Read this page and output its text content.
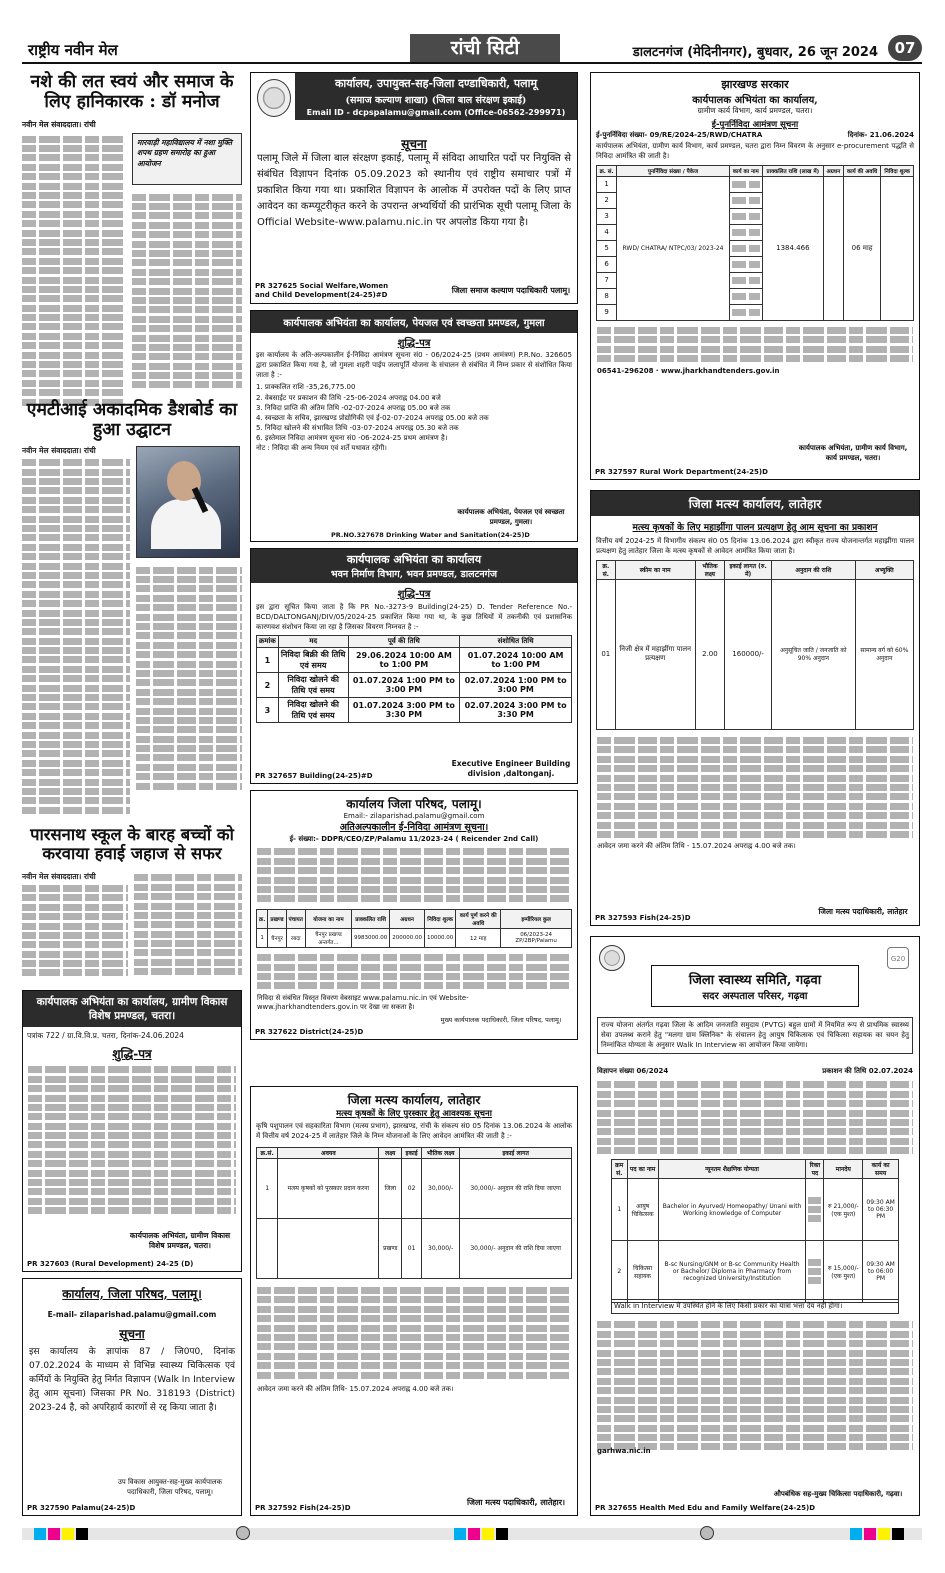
राष्ट्रीय नवीन मेल	रांची सिटी	डालटनगंज (मेदिनीनगर), बुधवार, 26 जून 2024	07
नशे की लत स्वयं और समाज के लिए हानिकारक : डॉ मनोज
नवीन मेल संवाददाता। रांची
मारवाड़ी महाविद्यालय में नशा मुक्ति शपथ ग्रहण समारोह का हुआ आयोजन
एमटीआई अकादमिक डैशबोर्ड का हुआ उद्घाटन
नवीन मेल संवाददाता। रांची
पारसनाथ स्कूल के बारह बच्चों को करवाया हवाई जहाज से सफर
नवीन मेल संवाददाता। रांची
कार्यपालक अभियंता का कार्यालय, ग्रामीण विकास विशेष प्रमण्डल, चतरा।
पत्रांक 722 / ग्रा.वि.वि.प्र. चतरा, दिनांक-24.06.2024
शुद्धि-पत्र
कार्यपालक अभियंता, ग्रामीण विकास विशेष प्रमण्डल, चतरा।
PR 327603 (Rural Development) 24-25 (D)
कार्यालय, जिला परिषद, पलामू।
E-mail- zilaparishad.palamu@gmail.com
सूचना
इस कार्यालय के ज्ञापांक 87 / जि0प0, दिनांक 07.02.2024 के माध्यम से विभिन्न स्वास्थ्य चिकित्सक एवं कर्मियों के नियुक्ति हेतु निर्गत विज्ञापन (Walk In Interview हेतु आम सूचना) जिसका PR No. 318193 (District) 2023-24 है, को अपरिहार्य कारणों से रद्द किया जाता है।
उप विकास आयुक्त-सह-मुख्य कार्यपालक पदाधिकारी, जिला परिषद, पलामू।
PR 327590 Palamu(24-25)D
कार्यालय, उपायुक्त-सह-जिला दण्डाधिकारी, पलामू
(समाज कल्याण शाखा) (जिला बाल संरक्षण इकाई)
Email ID - dcpspalamu@gmail.com (Office-06562-299971)
सूचना
पलामू जिले में जिला बाल संरक्षण इकाई, पलामू में संविदा आधारित पदों पर नियुक्ति से संबंधित विज्ञापन दिनांक 05.09.2023 को स्थानीय एवं राष्ट्रीय समाचार पत्रों में प्रकाशित किया गया था। प्रकाशित विज्ञापन के आलोक में उपरोक्त पदों के लिए प्राप्त आवेदन का कम्प्यूटरीकृत करने के उपरान्त अभ्यर्थियों की प्रारंभिक सूची पलामू जिला के Official Website-www.palamu.nic.in पर अपलोड किया गया है।
जिला समाज कल्याण पदाधिकारी पलामू।
PR 327625 Social Welfare,Women and Child Development(24-25)#D
कार्यपालक अभियंता का कार्यालय, पेयजल एवं स्वच्छता प्रमण्डल, गुमला
शुद्धि-पत्र
इस कार्यालय के अति-अल्पकालीन ई-निविदा आमंत्रण सूचना सं0 - 06/2024-25 (प्रथम आमंत्रण) P.R.No. 326605 द्वारा प्रकाशित किया गया है, जो गुमला शहरी पाईप जलापूर्ति योजना के संचालन से संबंधित में निम्न प्रकार से संशोधित किया जाता है :-
1. प्राक्कलित राशि -35,26,775.00
2. वेबसाईट पर प्रकाशन की तिथि -25-06-2024 अपराह्न 04.00 बजे
3. निविदा प्राप्ति की अंतिम तिथि -02-07-2024 अपराह्न 05.00 बजे तक
4. स्वच्छता के सचिव, झारखण्ड प्रोद्योगिकी एवं ई-02-07-2024 अपराह्न 05.00 बजे तक
5. निविदा खोलने की संभावित तिथि -03-07-2024 अपराह्न 05.30 बजे तक
6. इस्तेमाल निविदा आमंत्रण सूचना सं0 -06-2024-25 प्रथम आमंत्रण है।
नोट : निविदा की अन्य नियम एवं शर्तें यथावत रहेंगी।
कार्यपालक अभियंता, पेयजल एवं स्वच्छता प्रमण्डल, गुमला।
PR.NO.327678 Drinking Water and Sanitation(24-25)D
कार्यपालक अभियंता का कार्यालय
भवन निर्माण विभाग, भवन प्रमण्डल, डालटनगंज
शुद्धि-पत्र
इस द्वारा सूचित किया जाता है कि PR No.-3273-9 Building(24-25) D. Tender Reference No.- BCD/DALTONGANJ/DIV/05/2024-25 प्रकाशित किया गया था, के कुछ तिथियों में तकनीकी एवं प्रशासनिक कारणवश संशोधन किया जा रहा है जिसका विवरण निम्नवत है :-
क्रमांक	मद	पूर्व की तिथि	संशोधित तिथि
1	निविदा बिक्री की तिथि एवं समय	29.06.2024 10:00 AM to 1:00 PM	01.07.2024 10:00 AM to 1:00 PM
2	निविदा खोलने की तिथि एवं समय	01.07.2024 1:00 PM to 3:00 PM	02.07.2024 1:00 PM to 3:00 PM
3	निविदा खोलने की तिथि एवं समय	01.07.2024 3:00 PM to 3:30 PM	02.07.2024 3:00 PM to 3:30 PM
Executive Engineer Building division ,daltonganj.
PR 327657 Building(24-25)#D
कार्यालय जिला परिषद, पलामू।
Email:- zilaparishad.palamu@gmail.com
अतिअल्पकालीन ई-निविदा आमंत्रण सूचना।
ई- संख्या:- DDPR/CEO/ZP/Palamu 11/2023-24 ( Reicender 2nd Call)
क्र.	प्रखण्ड	पंचायत	योजना का नाम	प्राक्कलित राशि	अग्रधन	निविदा शुल्क	कार्य पूर्ण करने की अवधि	इम्पीरियल कुल
1	चैनपुर	रबदा	चैनपुर प्रखण्ड अन्तर्गत...	9983000.00	200000.00	10000.00	12 माह	06/2023-24 ZP/2BP/Palamu
निविदा से संबंधित विस्तृत विवरण वेबसाइट www.palamu.nic.in एवं Website- www.jharkhandtenders.gov.in पर देखा जा सकता है।
मुख्य कार्यपालक पदाधिकारी, जिला परिषद, पलामू।
PR 327622 District(24-25)D
जिला मत्स्य कार्यालय, लातेहार
मत्स्य कृषकों के लिए पुरस्कार हेतु आवश्यक सूचना
कृषि पशुपालन एवं सहकारिता विभाग (मत्स्य प्रभाग), झारखण्ड, रांची के संकल्प सं0 05 दिनांक 13.06.2024 के आलोक में वित्तीय वर्ष 2024-25 में लातेहार जिले के निम्न योजनाओं के लिए आवेदन आमंत्रित की जाती है :-
क्र.सं.	अवयव	लक्ष्य	इकाई	भौतिक लक्ष्य	इकाई लागत
1	मत्स्य कृषकों को पुरस्कार प्रदान करना	जिला	02	30,000/-	30,000/- अनुदान की राशि दिया जाएगा
		प्रखण्ड	01	30,000/-	30,000/- अनुदान की राशि दिया जाएगा
आवेदन जमा करने की अंतिम तिथि- 15.07.2024 अपराह्न 4.00 बजे तक।
जिला मत्स्य पदाधिकारी, लातेहार।
PR 327592 Fish(24-25)D
झारखण्ड सरकार
कार्यपालक अभियंता का कार्यालय,
ग्रामीण कार्य विभाग, कार्य प्रमण्डल, चतरा।
ई-पुनर्निविदा आमंत्रण सूचना
ई-पुनर्निविदा संख्या- 09/RE/2024-25/RWD/CHATRA	दिनांक- 21.06.2024
कार्यपालक अभियंता, ग्रामीण कार्य विभाग, कार्य प्रमण्डल, चतरा द्वारा निम्न विवरण के अनुसार e-procurement पद्धति से निविदा आमंत्रित की जाती है।
क्र. सं.	पुनर्निविदा संख्या / पैकेज	कार्य का नाम	प्राक्कलित राशि (लाख में)	अग्रधन	कार्य की अवधि	निविदा शुल्क
1	RWD/ CHATRA/ NTPC/03/ 2023-24		1384.466		06 माह	
2						

3						

4						

5						

6						

7						

8						

9						
06541-296208 · www.jharkhandtenders.gov.in
कार्यपालक अभियंता, ग्रामीण कार्य विभाग, कार्य प्रमण्डल, चतरा।
PR 327597 Rural Work Department(24-25)D
जिला मत्स्य कार्यालय, लातेहार
मत्स्य कृषकों के लिए महाझींगा पालन प्रत्यक्षण हेतु आम सूचना का प्रकाशन
वित्तीय वर्ष 2024-25 में विभागीय संकल्प सं0 05 दिनांक 13.06.2024 द्वारा स्वीकृत राज्य योजनान्तर्गत महाझींगा पालन प्रत्यक्षण हेतु लातेहार जिला के मत्स्य कृषकों से आवेदन आमंत्रित किया जाता है।
क्र. सं.	स्कीम का नाम	भौतिक लक्ष्य	इकाई लागत (रु. में)	अनुदान की राशि	अभ्युक्ति
01	निजी क्षेत्र में महाझींगा पालन प्रत्यक्षण	2.00	160000/-	अनुसूचित जाति / जनजाति को 90% अनुदान	सामान्य वर्ग को 60% अनुदान
आवेदन जमा करने की अंतिम तिथि - 15.07.2024 अपराह्न 4.00 बजे तक।
जिला मत्स्य पदाधिकारी, लातेहार
PR 327593 Fish(24-25)D
G20
जिला स्वास्थ्य समिति, गढ़वा
सदर अस्पताल परिसर, गढ़वा
राज्य योजना अंतर्गत गढ़वा जिला के आदिम जनजाति समुदाय (PVTG) बहुल ग्रामों में नियमित रूप से प्राथमिक स्वास्थ्य सेवा उपलब्ध कराने हेतु "मलगा ग्राम क्लिनिक" के संचालन हेतु आयुष चिकित्सक एवं चिकित्सा सहायक का चयन हेतु निम्नांकित योग्यता के अनुसार Walk In Interview का आयोजन किया जायेगा।
विज्ञापन संख्या 06/2024	प्रकाशन की तिथि 02.07.2024
क्रम सं.	पद का नाम	न्यूनतम शैक्षणिक योग्यता	रिक्त पद	मानदेय	कार्य का समय
1	आयुष चिकित्सक	Bachelor in Ayurved/ Homeopathy/ Unani with Working knowledge of Computer		रु 21,000/- (एक मुश्त)	09:30 AM to 06:30 PM
2	चिकित्सा सहायक	B-sc Nursing/GNM or B-sc Community Health or Bachelor/ Diploma in Pharmacy from recognized University/Institution		रु 15,000/- (एक मुश्त)	09:30 AM to 06:00 PM
Walk in Interview में उपस्थित होने के लिए किसी प्रकार का यात्रा भत्ता देय नहीं होगा।
garhwa.nic.in
औपबंधिक सह-मुख्य चिकित्सा पदाधिकारी, गढ़वा।
PR 327655 Health Med Edu and Family Welfare(24-25)D
